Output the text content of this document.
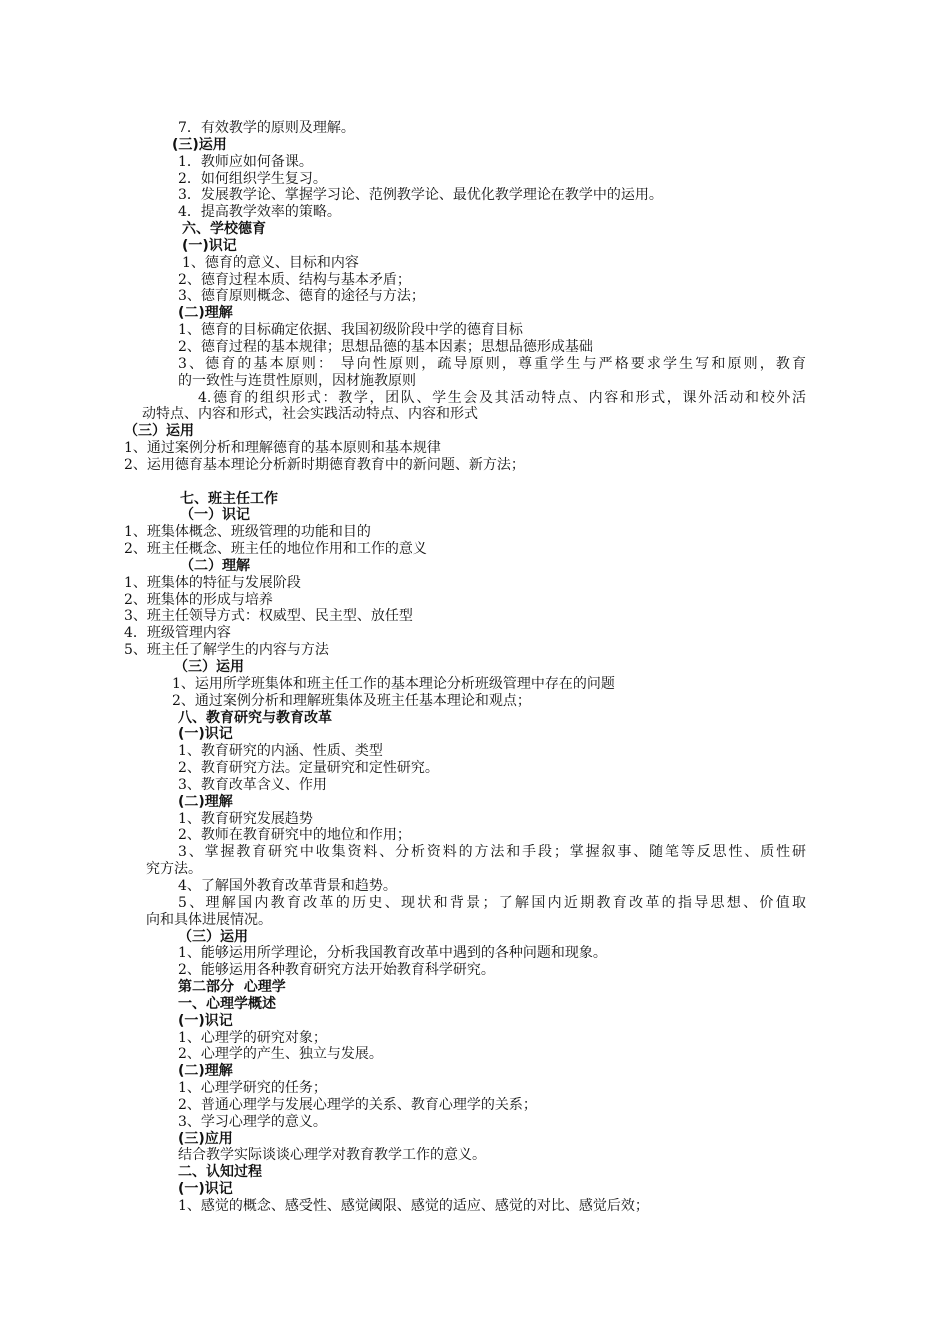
7．有效教学的原则及理解。
(三)运用
1．教师应如何备课。
2．如何组织学生复习。
3．发展教学论、掌握学习论、范例教学论、最优化教学理论在教学中的运用。
4．提高教学效率的策略。
六、学校德育
(一)识记
1、德育的意义、目标和内容
2、德育过程本质、结构与基本矛盾；
3、德育原则概念、德育的途径与方法；
(二)理解
1、德育的目标确定依据、我国初级阶段中学的德育目标
2、德育过程的基本规律；思想品德的基本因素；思想品德形成基础
3、德育的基本原则： 导向性原则，疏导原则，尊重学生与严格要求学生写和原则，教育
的一致性与连贯性原则，因材施教原则
4.德育的组织形式：教学，团队、学生会及其活动特点、内容和形式，课外活动和校外活
动特点、内容和形式，社会实践活动特点、内容和形式
（三）运用
1、通过案例分析和理解德育的基本原则和基本规律
2、运用德育基本理论分析新时期德育教育中的新问题、新方法；
七、班主任工作
（一）识记
1、班集体概念、班级管理的功能和目的
2、班主任概念、班主任的地位作用和工作的意义
（二）理解
1、班集体的特征与发展阶段
2、班集体的形成与培养
3、班主任领导方式：权威型、民主型、放任型
4．班级管理内容
5、班主任了解学生的内容与方法
（三）运用
1、运用所学班集体和班主任工作的基本理论分析班级管理中存在的问题
2、通过案例分析和理解班集体及班主任基本理论和观点；
八、教育研究与教育改革
(一)识记
1、教育研究的内涵、性质、类型
2、教育研究方法。定量研究和定性研究。
3、教育改革含义、作用
(二)理解
1、教育研究发展趋势
2、教师在教育研究中的地位和作用；
3、掌握教育研究中收集资料、分析资料的方法和手段；掌握叙事、随笔等反思性、质性研
究方法。
4、了解国外教育改革背景和趋势。
5、理解国内教育改革的历史、现状和背景；了解国内近期教育改革的指导思想、价值取
向和具体进展情况。
（三）运用
1、能够运用所学理论，分析我国教育改革中遇到的各种问题和现象。
2、能够运用各种教育研究方法开始教育科学研究。
第二部分  心理学
一、心理学概述
(一)识记
1、心理学的研究对象；
2、心理学的产生、独立与发展。
(二)理解
1、心理学研究的任务；
2、普通心理学与发展心理学的关系、教育心理学的关系；
3、学习心理学的意义。
(三)应用
结合教学实际谈谈心理学对教育教学工作的意义。
二、认知过程
(一)识记
1、感觉的概念、感受性、感觉阈限、感觉的适应、感觉的对比、感觉后效；
